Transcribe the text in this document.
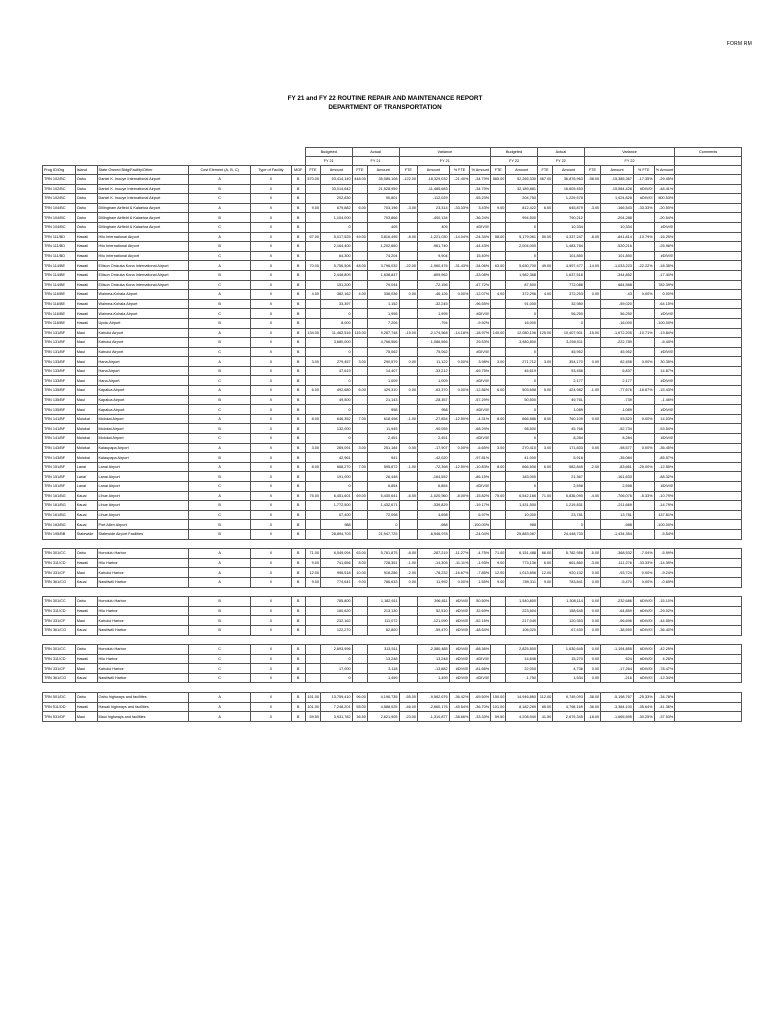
FORM RM
FY 21 and FY 22 ROUTINE REPAIR AND MAINTENANCE REPORT
DEPARTMENT OF TRANSPORTATION
						Budgeted		Actual		Variance				Budgeted		Actual		Variance				Comments
						FY 21		FY 21		FY 21				FY 22		FY 22		FY 22				
Prog ID/Org	Island	State Owned Bldg/Facility/Other	Cost Element (A, B, C)	Type of Facility	MOF	FTE	Amount	FTE	Amount	FTE	Amount	% FTE	% Amount	FTE	Amount	FTE	Amount	FTE	Amount	% FTE	% Amount	
TRN 102/BC	Oahu	Daniel K. Inouye International Airport	A	X	B	570.00	53,414,140	448.00	35,085,108	-122.00	-18,329,032	-21.40%	-34.79%	565.00	52,265,330	467.00	36,876,963	-98.00	-15,385,367	-17.35%	-29.45%	
TRN 102/BC	Oahu	Daniel K. Inouye International Airport	B	X	B		33,014,642		21,528,959		-11,485,683		-34.79%		32,189,881		16,605,453		-15,584,428	#DIV/0!	-48.41%	
TRN 102/BC	Oahu	Daniel K. Inouye International Airport	C	X	B		202,830		90,801		-112,029		-55.23%		204,750		1,229,578		1,024,828	#DIV/0!	500.53%	
TRN 104/BC	Oahu	Dillingham Airfield & Kalaeloa Airport	A	X	B	9.00	679,882	6.00	703,196	-3.00	23,314	-33.33%	3.43%	9.00	812,422	6.00	645,879	-3.00	-166,543	-33.33%	-20.50%	
TRN 104/BC	Oahu	Dillingham Airfield & Kalaeloa Airport	B	X	B		1,104,000		703,866		-400,134		-36.24%		994,500		790,212		-204,288		-20.54%	
TRN 104/BC	Oahu	Dillingham Airfield & Kalaeloa Airport	C	X	B		0		405		405		#DIV/0!		0		10,334		10,334		#DIV/0!	
TRN 111/BD	Hawaii	Hilo International Airport	A	X	B	57.00	5,017,525	49.00	3,816,495	-8.00	-1,221,030	-14.04%	-24.34%	58.00	5,179,061	50.00	4,337,247	-8.00	-841,814	-13.79%	-16.25%	
TRN 111/BD	Hawaii	Hilo International Airport	B	X	B		2,164,400		1,202,660		-961,740		-44.43%		2,004,000		1,483,784		-520,216		-25.96%	
TRN 111/BD	Hawaii	Hilo International Airport	C	X	B		64,300		74,204		9,904		15.40%		0		101,850		101,850		#DIV/0!	
TRN 114/BE	Hawaii	Ellison Onizuka Kona International Airport	A	X	B	70.00	5,756,508	48.00	3,796,032	-22.00	-1,960,476	-31.43%	-34.06%	63.00	5,630,700	49.00	4,597,477	-14.00	-1,033,223	-22.22%	-18.35%	
TRN 114/BE	Hawaii	Ellison Onizuka Kona International Airport	B	X	B		2,448,809		1,638,847		-809,962		-33.08%		1,982,368		1,637,516		-344,852		-17.40%	
TRN 114/BE	Hawaii	Ellison Onizuka Kona International Airport	C	X	B		151,200		79,044		-72,156		-47.72%		87,500		772,088		684,588		782.39%	
TRN 116/BE	Hawaii	Waimea-Kohala Airport	A	X	B	4.00	382,162	4.00	336,036	0.00	-46,126	0.00%	-12.07%	4.00	372,296	4.00	372,253	0.00	-43	0.00%	0.00%	
TRN 116/BE	Hawaii	Waimea-Kohala Airport	B	X	B		33,397		1,152		-32,245		-96.55%		91,000		32,980		-59,020		-64.15%	
TRN 116/BE	Hawaii	Waimea-Kohala Airport	C	X	B		0		1,995		1,995		#DIV/0!		0		56,250		56,250		#DIV/0!	
TRN 118/BE	Hawaii	Upolu Airport	B	X	B		8,000		7,206		-794		-9.92%		16,000		0		-16,000		-100.00%	
TRN 131/BF	Maui	Kahului Airport	A	X	B	134.00	11,462,516	115.00	9,287,748	-19.00	-2,174,568	-14.18%	-18.97%	140.00	12,080,106	125.00	10,407,901	-15.00	-1,672,205	-10.71%	-13.84%	
TRN 131/BF	Maui	Kahului Airport	B	X	B		3,680,000		4,766,566		1,086,566		29.53%		3,480,800		3,258,011		-222,789		-6.40%	
TRN 131/BF	Maui	Kahului Airport	C	X	B		0		75,062		75,062		#DIV/0!		0		45,952		45,952		#DIV/0!	
TRN 133/BF	Maui	Hana Airport	A	X	B	3.00	279,457	3.00	290,579	0.00	11,122	0.00%	3.98%	3.00	271,712	3.00	354,170	0.00	82,458	0.00%	30.35%	
TRN 133/BF	Maui	Hana Airport	B	X	B		47,619		14,407		-33,212		-69.75%		46,619		53,456		6,837		14.67%	
TRN 133/BF	Maui	Hana Airport	C	X	B		0		1,009		1,009		#DIV/0!		0		2,177		2,177		#DIV/0!	
TRN 135/BF	Maui	Kapalua Airport	A	X	B	6.00	492,680	6.00	429,310	0.00	-63,370	0.00%	-12.86%	6.00	503,658	5.00	424,982	-1.00	-77,676	-16.67%	-15.43%	
TRN 135/BF	Maui	Kapalua Airport	B	X	B		49,500		21,143		-28,357		-57.29%		50,500		49,761		-739		-1.46%	
TRN 135/BF	Maui	Kapalua Airport	C	X	B		0		958		958		#DIV/0!		0		1,089		1,089		#DIV/0!	
TRN 141/BF	Molokai	Molokai Airport	A	X	B	8.00	646,352	7.00	618,498	-1.00	-27,854	-12.50%	-4.31%	8.00	666,586	8.00	760,109	0.00	93,523	0.00%	14.03%	
TRN 141/BF	Molokai	Molokai Airport	B	X	B		132,000		11,945		-90,055		-68.29%		98,500		45,766		-52,734		-53.54%	
TRN 141/BF	Molokai	Molokai Airport	C	X	B		0		2,451		2,451		#DIV/0!		0		8,284		8,284		#DIV/0!	
TRN 143/BF	Molokai	Kalaupapa Airport	A	X	B	3.00	269,091	3.00	251,184	0.00	-17,907	0.00%	-6.65%	3.00	270,410	3.00	171,833	0.00	-98,577	0.00%	-36.45%	
TRN 143/BF	Molokai	Kalaupapa Airport	B	X	B		42,961		941		-42,020		-97.81%		41,000		5,916		-35,084		-85.57%	
TRN 151/BF	Lanai	Lanai Airport	A	X	B	8.00	668,270	7.00	595,872	-1.00	-72,398	-12.50%	-10.83%	8.00	666,506	6.00	582,845	-2.00	-83,661	-25.00%	-12.55%	
TRN 151/BF	Lanai	Lanai Airport	B	X	B		191,000		26,448		-164,552		-86.15%		183,000		21,367		-161,633		-88.32%	
TRN 151/BF	Lanai	Lanai Airport	C	X	B		0		6,854		6,854		#DIV/0!		0		2,598		2,598		#DIV/0!	
TRN 161/BG	Kauai	Lihue Airport	A	X	B	75.00	6,451,601	69.00	5,430,641	-6.00	-1,020,960	-8.00%	-15.82%	75.00	6,542,166	71.00	5,836,090	-4.00	-706,076	-5.33%	-10.79%	
TRN 161/BG	Kauai	Lihue Airport	B	X	B		1,772,500		1,432,671		-339,829		-19.17%		1,431,500		1,219,831		-211,669		-14.79%	
TRN 161/BG	Kauai	Lihue Airport	C	X	B		67,400		72,098		4,698		6.97%		10,000		23,781		13,781		137.81%	
TRN 163/BG	Kauai	Port Allen Airport	B	X	B		988		0		-988		-100.00%		988		0		-988		-100.00%	
TRN 195/BB	Statewide	Statewide Airport Facilities	B	X	B		28,894,703		21,947,725		-6,946,978		-24.04%		25,883,087		24,448,733		-1,434,354		-5.54%	

TRN 301/CC	Oahu	Honolulu Harbor	A	X	B	71.00	6,049,094	63.00	5,761,875	-8.00	-287,219	-11.27%	-4.75%	71.00	6,151,488	66.00	5,782,956	-5.00	-368,532	-7.04%	-5.99%	
TRN 311/CD	Hawaii	Hilo Harbor	A	X	B	9.00	741,656	8.00	728,351	-1.00	-14,305	-11.11%	-1.93%	9.00	773,136	6.00	661,860	-3.00	-111,276	-33.33%	-14.39%	
TRN 331/CF	Maui	Kahului Harbor	A	X	B	12.00	996,518	10.00	918,286	-2.00	-78,232	-16.67%	-7.85%	12.00	1,013,856	12.00	920,132	0.00	-93,724	0.00%	-9.24%	
TRN 361/CG	Kauai	Nawiliwili Harbor	A	X	B	9.00	774,641	9.00	786,633	0.00	11,992	0.00%	1.55%	9.00	789,311	9.00	783,841	0.00	-5,470	0.00%	-0.69%	

TRN 301/CC	Oahu	Honolulu Harbor	B	X	B		785,800		1,182,611		396,811	#DIV/0!	50.50%		1,540,800		1,308,114	0.00	-232,686	#DIV/0!	-15.10%	
TRN 311/CD	Hawaii	Hilo Harbor	B	X	B		160,620		213,130		52,510	#DIV/0!	32.69%		223,504		158,645	0.00	-64,859	#DIV/0!	-29.02%	
TRN 331/CF	Maui	Kahului Harbor	B	X	B		232,162		111,072		-121,090	#DIV/0!	-52.16%		217,049		120,353	0.00	-96,696	#DIV/0!	-44.55%	
TRN 361/CG	Kauai	Nawiliwili Harbor	B	X	B		122,270		62,800		-59,470	#DIV/0!	-48.64%		106,020		67,430	0.00	-38,590	#DIV/0!	-36.40%	

TRN 301/CC	Oahu	Honolulu Harbor	C	X	B		2,693,996		313,511		-2,380,485	#DIV/0!	-88.36%		2,825,500		1,630,645	0.00	-1,194,855	#DIV/0!	-42.29%	
TRN 311/CD	Hawaii	Hilo Harbor	C	X	B		0		13,248		13,248	#DIV/0!	#DIV/0!		14,646		15,270	0.00	624	#DIV/0!	4.26%	
TRN 331/CF	Maui	Kahului Harbor	C	X	B		17,000		3,118		-13,882	#DIV/0!	-81.66%		22,000		4,736	0.00	-17,264	#DIV/0!	-78.47%	
TRN 361/CG	Kauai	Nawiliwili Harbor	C	X	B		0		1,499		1,499	#DIV/0!	#DIV/0!		1,750		1,534	0.00	-216	#DIV/0!	-12.34%	

TRN 501/DC	Oahu	Oahu highways and facilities	A	X	B	151.00	13,759,410	96.00	4,196,735	-55.00	-9,562,676	-36.42%	-69.50%	150.00	14,946,860	112.00	9,749,093	-38.00	-5,198,767	-25.33%	-34.78%	
TRN 511/DD	Hawaii	Hawaii highways and facilities	A	X	B	101.00	7,248,201	55.00	4,588,025	-46.00	-2,660,176	-45.54%	-36.70%	101.00	8,182,269	65.00	4,798,169	-36.00	-3,384,100	-35.64%	-41.36%	
TRN 531/DF	Maui	Maui highways and facilities	A	X	B	59.50	3,931,782	36.50	2,621,905	-23.00	-1,310,877	-38.66%	-33.33%	59.50	4,208,940	41.50	2,679,345	-18.00	-1,665,595	-30.25%	-37.53%	
